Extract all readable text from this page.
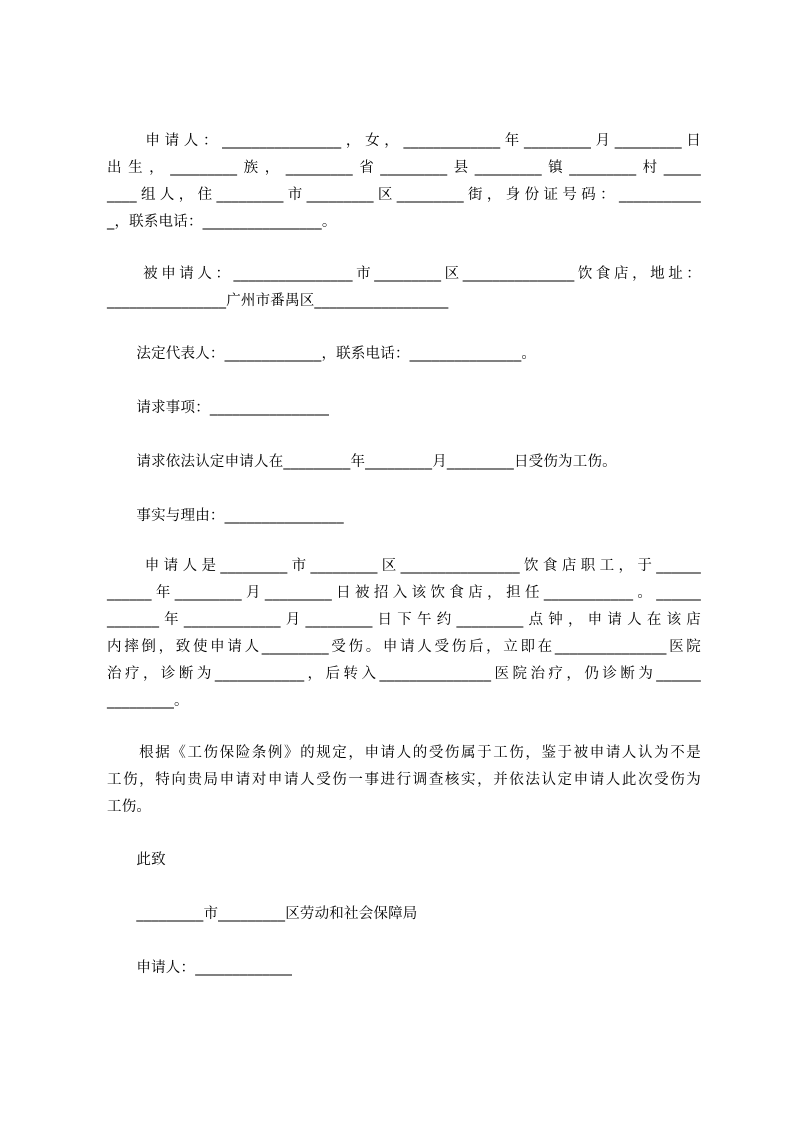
　　申请人：________________，女，_____________年_________月_________日
出生，_________族，_________省_________县_________镇_________村_____
____组人，住_________市_________区_________街，身份证号码：___________
_，联系电话：________________。
　　被申请人：________________市_________区_______________饮食店，地址：
________________广州市番禺区__________________
　　法定代表人：_____________，联系电话：_______________。
　　请求事项：________________
　　请求依法认定申请人在_________年_________月_________日受伤为工伤。
　　事实与理由：________________
　　申请人是_________市_________区________________饮食店职工，于______
______年_________月_________日被招入该饮食店，担任____________。______
_______年_____________月_________日下午约_________点钟，申请人在该店
内摔倒，致使申请人_________受伤。申请人受伤后，立即在_______________医院
治疗，诊断为____________，后转入_______________医院治疗，仍诊断为______
_________。
　　根据《工伤保险条例》的规定，申请人的受伤属于工伤，鉴于被申请人认为不是
工伤，特向贵局申请对申请人受伤一事进行调查核实，并依法认定申请人此次受伤为
工伤。
　　此致
　　_________市_________区劳动和社会保障局
　　申请人：_____________
